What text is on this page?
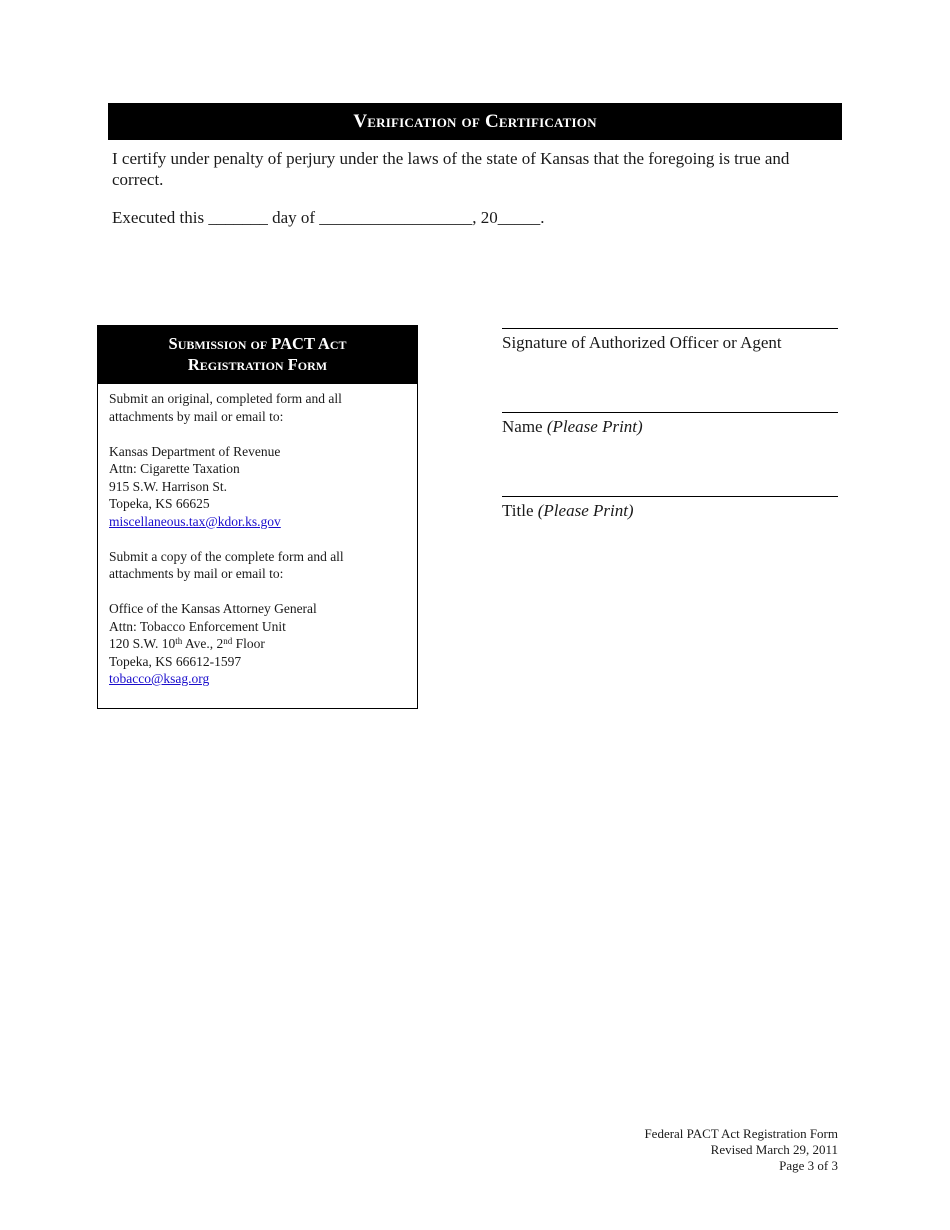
Verification of Certification
I certify under penalty of perjury under the laws of the state of Kansas that the foregoing is true and correct.
Executed this _______ day of __________________, 20_____.
Submission of PACT Act
Registration Form
Submit an original, completed form and all attachments by mail or email to:
Kansas Department of Revenue
Attn: Cigarette Taxation
915 S.W. Harrison St.
Topeka, KS 66625
miscellaneous.tax@kdor.ks.gov
Submit a copy of the complete form and all attachments by mail or email to:
Office of the Kansas Attorney General
Attn: Tobacco Enforcement Unit
120 S.W. 10th Ave., 2nd Floor
Topeka, KS 66612-1597
tobacco@ksag.org
Signature of Authorized Officer or Agent
Name (Please Print)
Title (Please Print)
Federal PACT Act Registration Form
Revised March 29, 2011
Page 3 of 3
